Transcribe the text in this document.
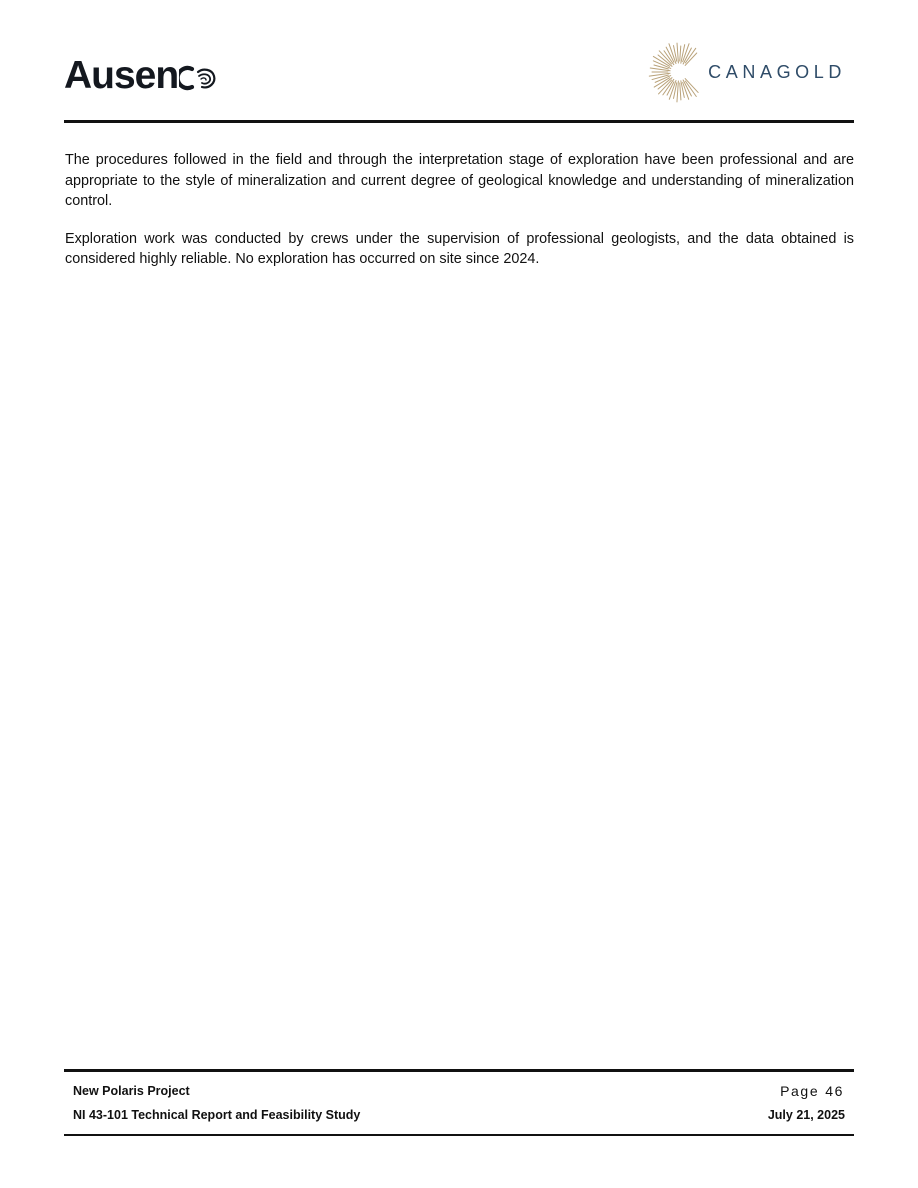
Ausen	CANAGOLD

The procedures followed in the field and through the interpretation stage of exploration have been professional and are appropriate to the style of mineralization and current degree of geological knowledge and understanding of mineralization control.

Exploration work was conducted by crews under the supervision of professional geologists, and the data obtained is considered highly reliable. No exploration has occurred on site since 2024.

New Polaris Project
NI 43-101 Technical Report and Feasibility Study
Page 46
July 21, 2025
